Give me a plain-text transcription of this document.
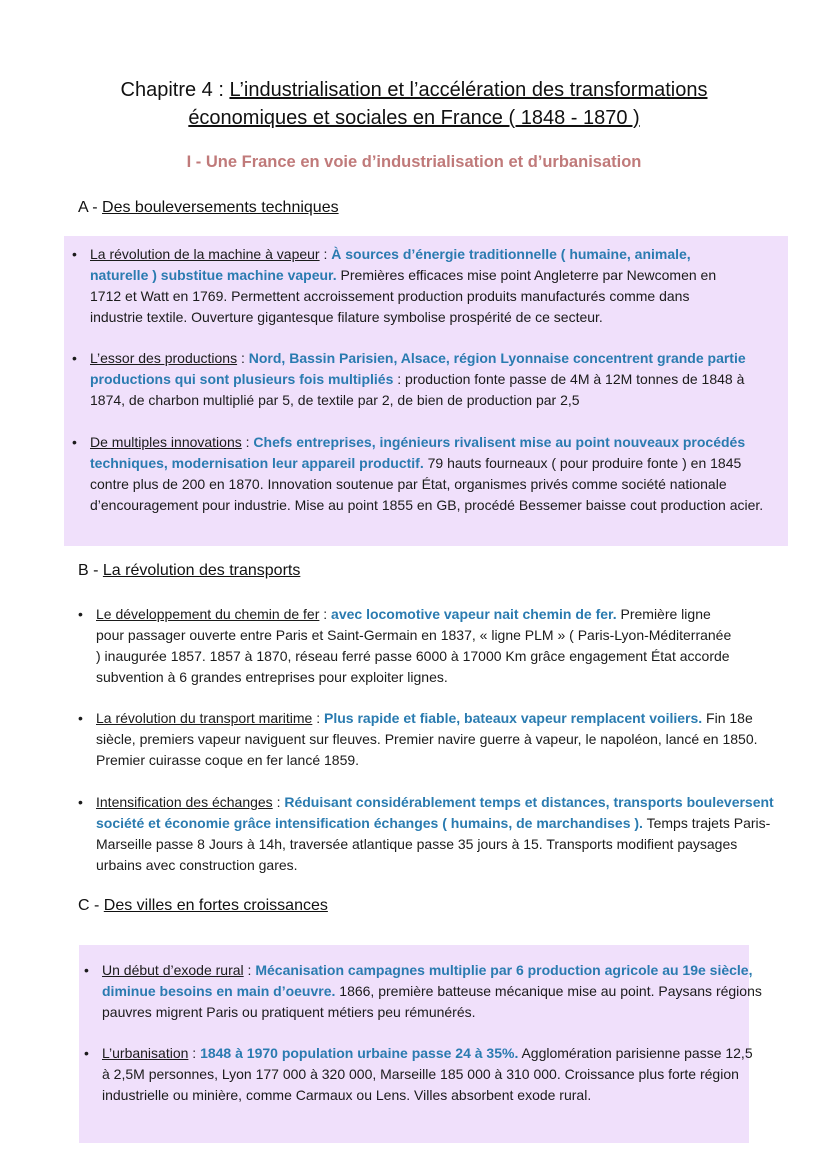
Chapitre 4 : L’industrialisation et l’accélération des transformations
économiques et sociales en France ( 1848 - 1870 )
I - Une France en voie d’industrialisation et d’urbanisation
A - Des bouleversements techniques
• La révolution de la machine à vapeur : À sources d’énergie traditionnelle ( humaine, animale, naturelle ) substitue machine vapeur. Premières efficaces mise point Angleterre par Newcomen en 1712 et Watt en 1769. Permettent accroissement production produits manufacturés comme dans industrie textile. Ouverture gigantesque filature symbolise prospérité de ce secteur.
• L’essor des productions : Nord, Bassin Parisien, Alsace, région Lyonnaise concentrent grande partie productions qui sont plusieurs fois multipliés : production fonte passe de 4M à 12M tonnes de 1848 à 1874, de charbon multiplié par 5, de textile par 2, de bien de production par 2,5
• De multiples innovations : Chefs entreprises, ingénieurs rivalisent mise au point nouveaux procédés techniques, modernisation leur appareil productif. 79 hauts fourneaux ( pour produire fonte ) en 1845 contre plus de 200 en 1870. Innovation soutenue par État, organismes privés comme société nationale d’encouragement pour industrie. Mise au point 1855 en GB, procédé Bessemer baisse cout production acier.
B - La révolution des transports
• Le développement du chemin de fer : avec locomotive vapeur nait chemin de fer. Première ligne pour passager ouverte entre Paris et Saint-Germain en 1837, « ligne PLM » ( Paris-Lyon-Méditerranée ) inaugurée 1857. 1857 à 1870, réseau ferré passe 6000 à 17000 Km grâce engagement État accorde subvention à 6 grandes entreprises pour exploiter lignes.
• La révolution du transport maritime : Plus rapide et fiable, bateaux vapeur remplacent voiliers. Fin 18e siècle, premiers vapeur naviguent sur fleuves. Premier navire guerre à vapeur, le napoléon, lancé en 1850. Premier cuirasse coque en fer lancé 1859.
• Intensification des échanges : Réduisant considérablement temps et distances, transports bouleversent société et économie grâce intensification échanges ( humains, de marchandises ). Temps trajets Paris-Marseille passe 8 Jours à 14h, traversée atlantique passe 35 jours à 15. Transports modifient paysages urbains avec construction gares.
C - Des villes en fortes croissances
• Un début d’exode rural : Mécanisation campagnes multiplie par 6 production agricole au 19e siècle, diminue besoins en main d’oeuvre. 1866, première batteuse mécanique mise au point. Paysans régions pauvres migrent Paris ou pratiquent métiers peu rémunérés.
• L’urbanisation : 1848 à 1970 population urbaine passe 24 à 35%. Agglomération parisienne passe 12,5 à 2,5M personnes, Lyon 177 000 à 320 000, Marseille 185 000 à 310 000. Croissance plus forte région industrielle ou minière, comme Carmaux ou Lens. Villes absorbent exode rural.
